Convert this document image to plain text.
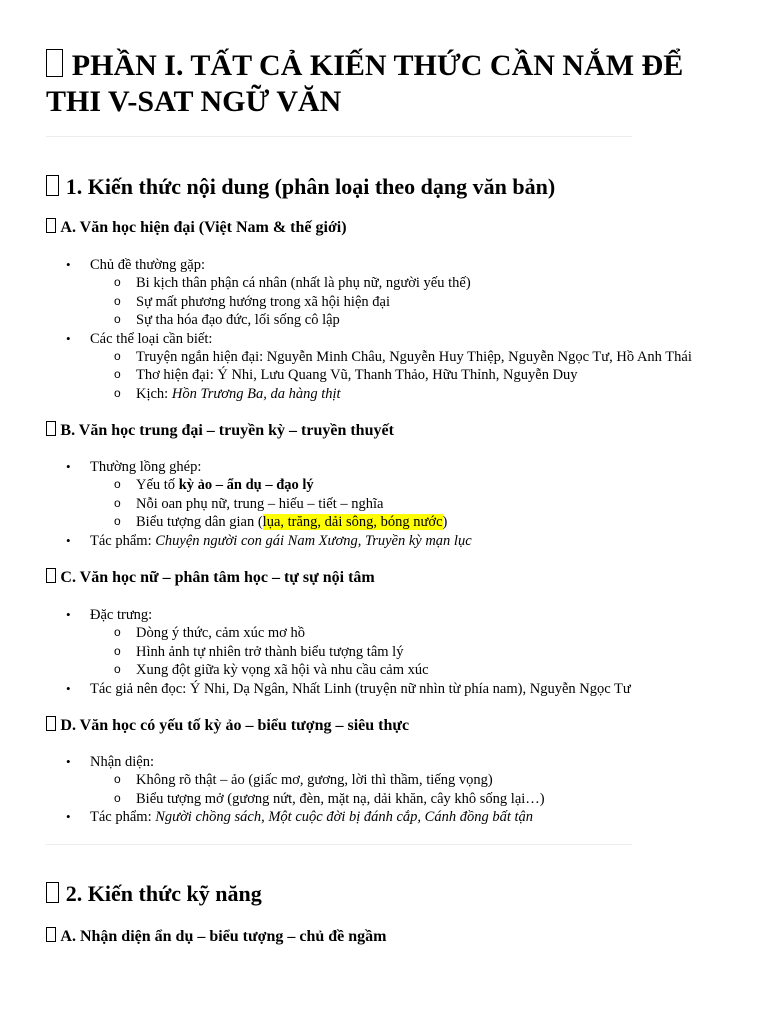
PHẦN I. TẤT CẢ KIẾN THỨC CẦN NẮM ĐỂ THI V-SAT NGỮ VĂN
1. Kiến thức nội dung (phân loại theo dạng văn bản)
A. Văn học hiện đại (Việt Nam & thế giới)
• Chủ đề thường gặp:
o Bi kịch thân phận cá nhân (nhất là phụ nữ, người yếu thế)
o Sự mất phương hướng trong xã hội hiện đại
o Sự tha hóa đạo đức, lối sống cô lập
• Các thể loại cần biết:
o Truyện ngắn hiện đại: Nguyễn Minh Châu, Nguyễn Huy Thiệp, Nguyễn Ngọc Tư, Hồ Anh Thái
o Thơ hiện đại: Ý Nhi, Lưu Quang Vũ, Thanh Thảo, Hữu Thỉnh, Nguyễn Duy
o Kịch: Hồn Trương Ba, da hàng thịt
B. Văn học trung đại – truyền kỳ – truyền thuyết
• Thường lồng ghép:
o Yếu tố kỳ ảo – ẩn dụ – đạo lý
o Nỗi oan phụ nữ, trung – hiếu – tiết – nghĩa
o Biểu tượng dân gian (lụa, trăng, dải sông, bóng nước)
• Tác phẩm: Chuyện người con gái Nam Xương, Truyền kỳ mạn lục
C. Văn học nữ – phân tâm học – tự sự nội tâm
• Đặc trưng:
o Dòng ý thức, cảm xúc mơ hồ
o Hình ảnh tự nhiên trở thành biểu tượng tâm lý
o Xung đột giữa kỳ vọng xã hội và nhu cầu cảm xúc
• Tác giả nên đọc: Ý Nhi, Dạ Ngân, Nhất Linh (truyện nữ nhìn từ phía nam), Nguyễn Ngọc Tư
D. Văn học có yếu tố kỳ ảo – biểu tượng – siêu thực
• Nhận diện:
o Không rõ thật – ảo (giấc mơ, gương, lời thì thầm, tiếng vọng)
o Biểu tượng mở (gương nứt, đèn, mặt nạ, dải khăn, cây khô sống lại…)
• Tác phẩm: Người chồng sách, Một cuộc đời bị đánh cắp, Cánh đồng bất tận
2. Kiến thức kỹ năng
A. Nhận diện ẩn dụ – biểu tượng – chủ đề ngầm
